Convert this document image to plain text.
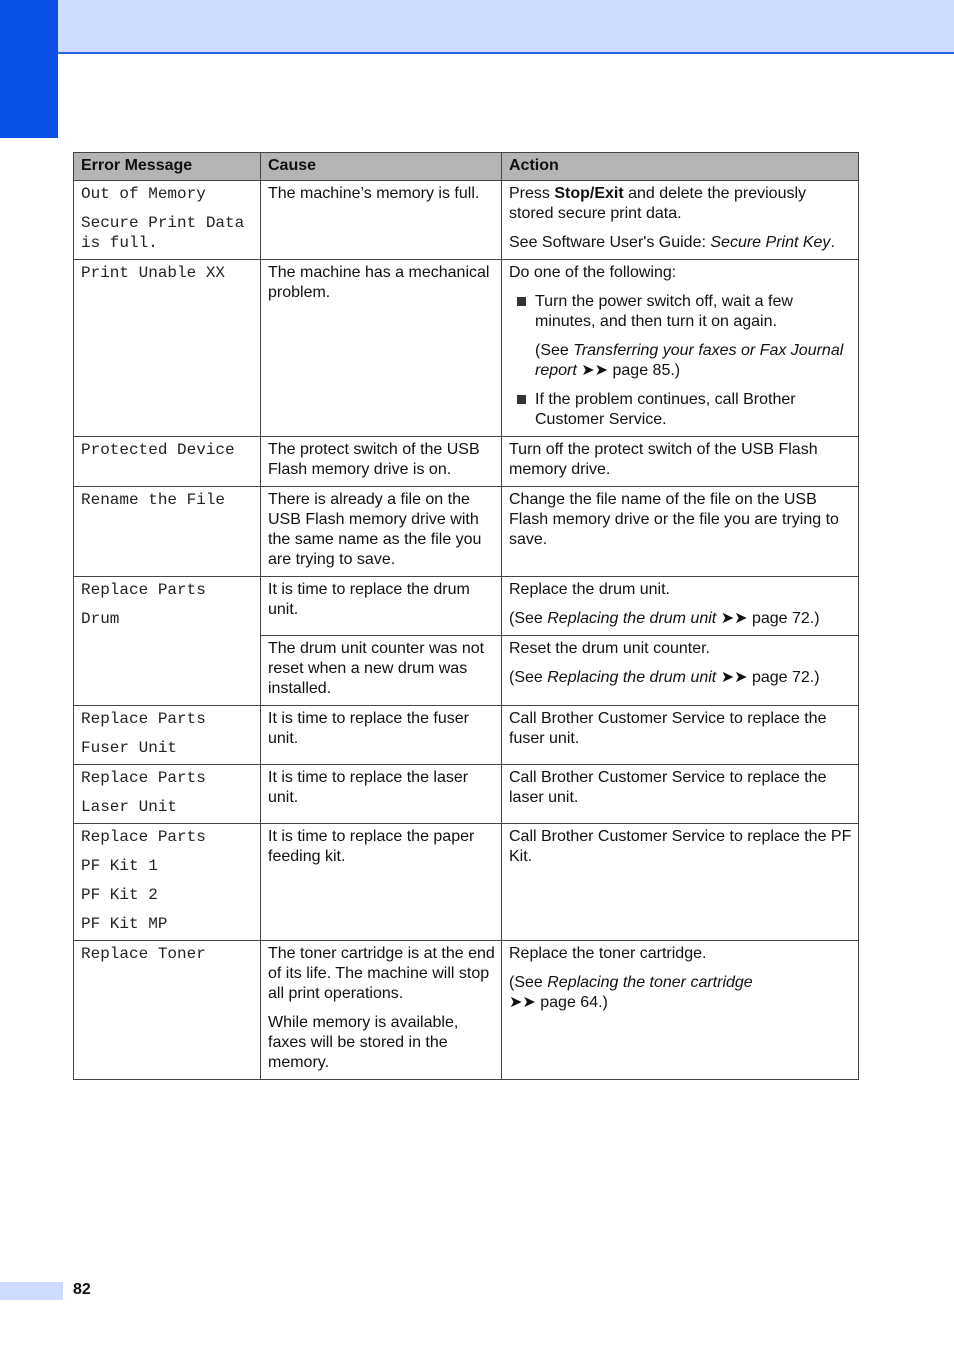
Error Message	Cause	Action

Out of Memory
Secure Print Data is full.	The machine’s memory is full.	Press Stop/Exit and delete the previously stored secure print data.
See Software User's Guide: Secure Print Key.

Print Unable XX	The machine has a mechanical problem.	Do one of the following:
Turn the power switch off, wait a few minutes, and then turn it on again.
(See Transferring your faxes or Fax Journal report ➤➤ page 85.)
If the problem continues, call Brother Customer Service.

Protected Device	The protect switch of the USB Flash memory drive is on.	Turn off the protect switch of the USB Flash memory drive.

Rename the File	There is already a file on the USB Flash memory drive with the same name as the file you are trying to save.	Change the file name of the file on the USB Flash memory drive or the file you are trying to save.

Replace Parts
Drum	It is time to replace the drum unit.	Replace the drum unit.
(See Replacing the drum unit ➤➤ page 72.)

	The drum unit counter was not reset when a new drum was installed.	Reset the drum unit counter.
(See Replacing the drum unit ➤➤ page 72.)

Replace Parts
Fuser Unit	It is time to replace the fuser unit.	Call Brother Customer Service to replace the fuser unit.

Replace Parts
Laser Unit	It is time to replace the laser unit.	Call Brother Customer Service to replace the laser unit.

Replace Parts
PF Kit 1
PF Kit 2
PF Kit MP	It is time to replace the paper feeding kit.	Call Brother Customer Service to replace the PF Kit.

Replace Toner	The toner cartridge is at the end of its life. The machine will stop all print operations.
While memory is available, faxes will be stored in the memory.	Replace the toner cartridge.
(See Replacing the toner cartridge
➤➤ page 64.)
82
